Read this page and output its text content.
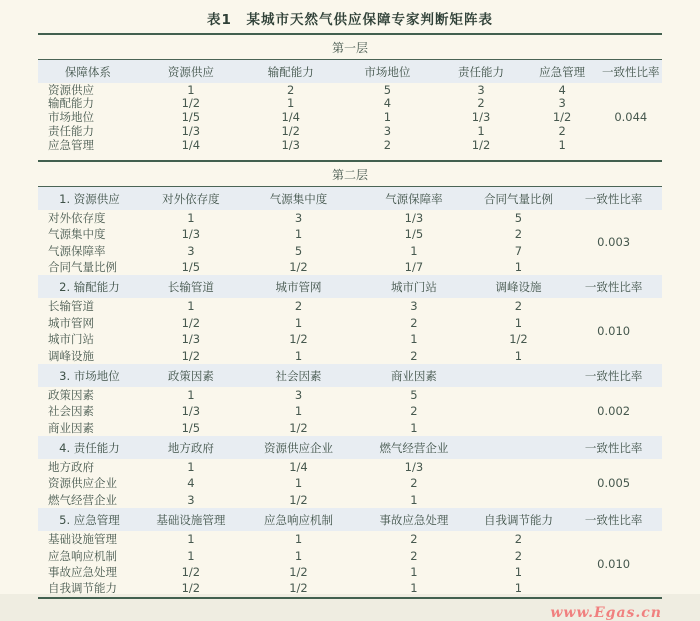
表1　某城市天然气供应保障专家判断矩阵表
第一层
保障体系	资源供应	输配能力	市场地位	责任能力	应急管理	一致性比率
资源供应	1	2	5	3	4	0.044
输配能力	1/2	1	4	2	3	
市场地位	1/5	1/4	1	1/3	1/2	
责任能力	1/3	1/2	3	1	2	
应急管理	1/4	1/3	2	1/2	1	
第二层
1. 资源供应	对外依存度	气源集中度	气源保障率	合同气量比例	一致性比率
对外依存度	1	3	1/3	5	0.003
气源集中度	1/3	1	1/5	2	
气源保障率	3	5	1	7	
合同气量比例	1/5	1/2	1/7	1	
2. 输配能力	长输管道	城市管网	城市门站	调峰设施	一致性比率
长输管道	1	2	3	2	0.010
城市管网	1/2	1	2	1	
城市门站	1/3	1/2	1	1/2	
调峰设施	1/2	1	2	1	
3. 市场地位	政策因素	社会因素	商业因素		一致性比率
政策因素	1	3	5		0.002
社会因素	1/3	1	2		
商业因素	1/5	1/2	1		
4. 责任能力	地方政府	资源供应企业	燃气经营企业		一致性比率
地方政府	1	1/4	1/3		0.005
资源供应企业	4	1	2		
燃气经营企业	3	1/2	1		
5. 应急管理	基础设施管理	应急响应机制	事故应急处理	自我调节能力	一致性比率
基础设施管理	1	1	2	2	0.010
应急响应机制	1	1	2	2	
事故应急处理	1/2	1/2	1	1	
自我调节能力	1/2	1/2	1	1	
www.Egas.cn
